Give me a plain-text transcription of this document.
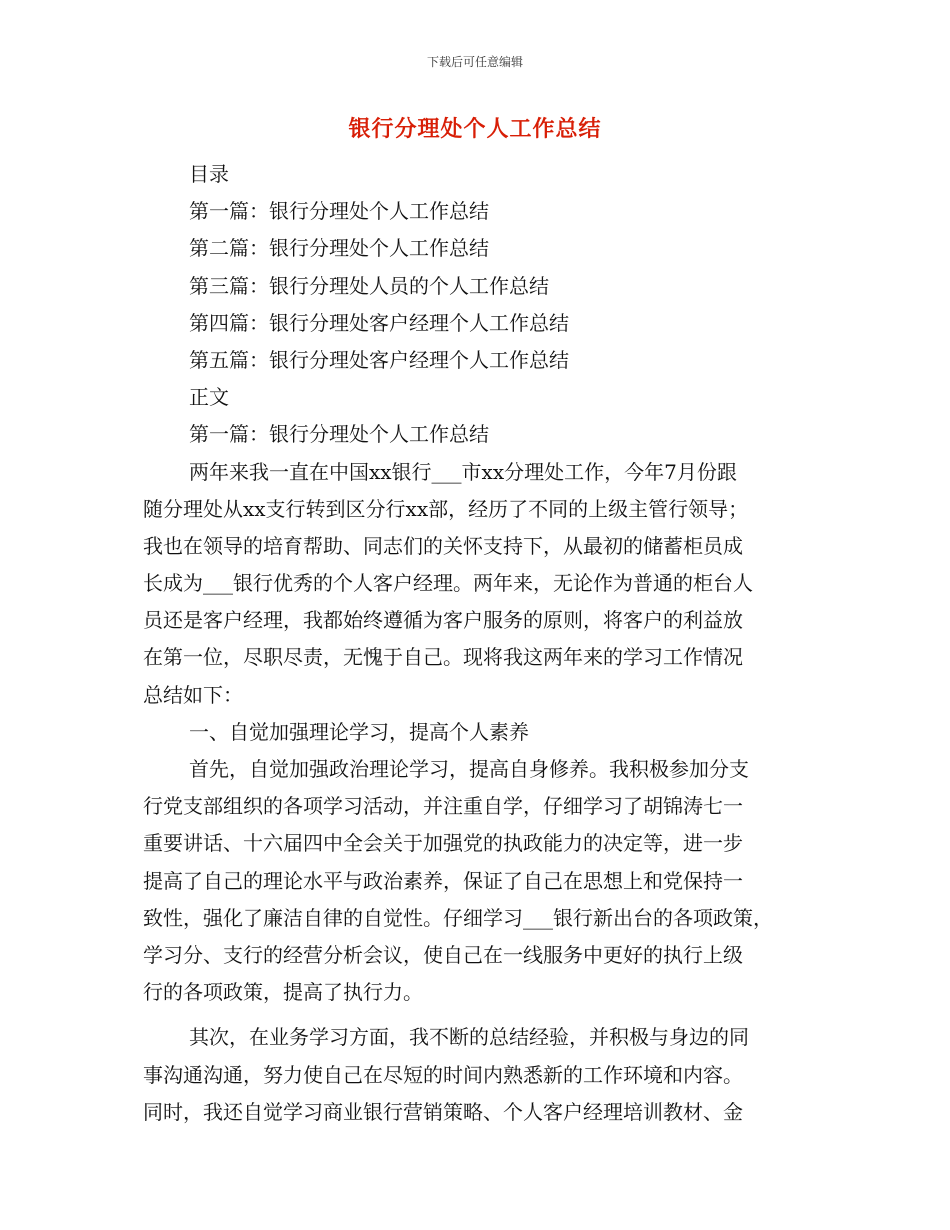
下载后可任意编辑
银行分理处个人工作总结
目录
第一篇：银行分理处个人工作总结
第二篇：银行分理处个人工作总结
第三篇：银行分理处人员的个人工作总结
第四篇：银行分理处客户经理个人工作总结
第五篇：银行分理处客户经理个人工作总结
正文
第一篇：银行分理处个人工作总结
两年来我一直在中国xx银行___市xx分理处工作，今年7月份跟
随分理处从xx支行转到区分行xx部，经历了不同的上级主管行领导；
我也在领导的培育帮助、同志们的关怀支持下，从最初的储蓄柜员成
长成为___银行优秀的个人客户经理。两年来，无论作为普通的柜台人
员还是客户经理，我都始终遵循为客户服务的原则，将客户的利益放
在第一位，尽职尽责，无愧于自己。现将我这两年来的学习工作情况
总结如下：
一、自觉加强理论学习，提高个人素养
首先，自觉加强政治理论学习，提高自身修养。我积极参加分支
行党支部组织的各项学习活动，并注重自学，仔细学习了胡锦涛七一
重要讲话、十六届四中全会关于加强党的执政能力的决定等，进一步
提高了自己的理论水平与政治素养，保证了自己在思想上和党保持一
致性，强化了廉洁自律的自觉性。仔细学习___银行新出台的各项政策，
学习分、支行的经营分析会议，使自己在一线服务中更好的执行上级
行的各项政策，提高了执行力。
其次，在业务学习方面，我不断的总结经验，并积极与身边的同
事沟通沟通，努力使自己在尽短的时间内熟悉新的工作环境和内容。
同时，我还自觉学习商业银行营销策略、个人客户经理培训教材、金
